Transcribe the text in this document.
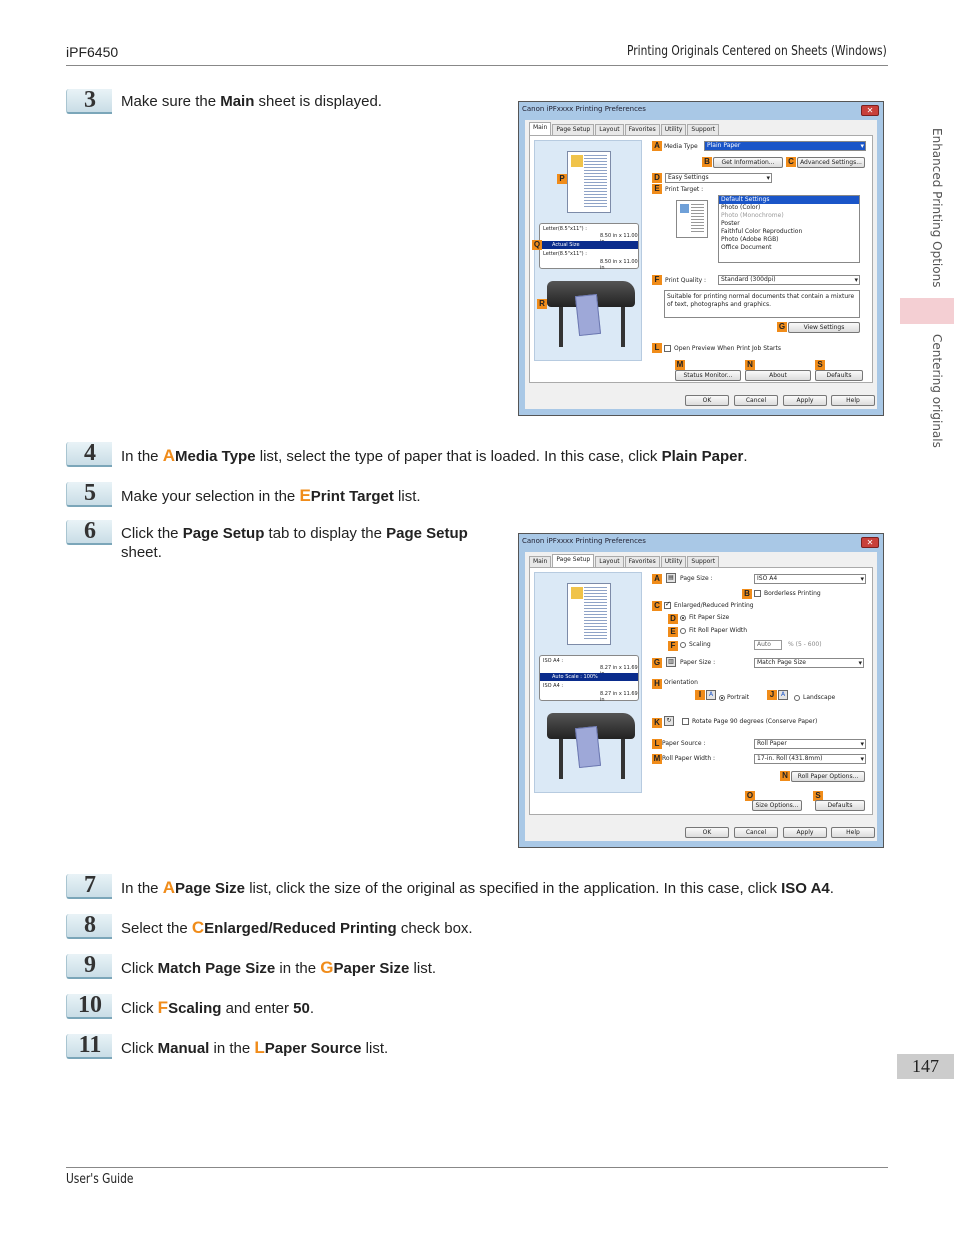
iPF6450	Printing Originals Centered on Sheets (Windows)
User's Guide
Enhanced Printing Options
Centering originals
147
3	Make sure the Main sheet is displayed.	Canon iPFxxxx Printing Preferences	✕
Main	Page Setup	Layout	Favorites	Utility	Support
Letter(8.5"x11") :
8.50 in x 11.00
Actual Size
Letter(8.5"x11") :
8.50 in x 11.00 in
P
Q
R
A Media Type	Plain Paper ▾
B	Get Information...	C	Advanced Settings...
D	Easy Settings ▾
E Print Target :
Default Settings
Photo (Color)
Photo (Monochrome)
Poster
Faithful Color Reproduction
Photo (Adobe RGB)
Office Document
F Print Quality :	Standard (300dpi) ▾
Suitable for printing normal documents that contain a mixture of text, photographs and graphics.
G	View Settings
L	Open Preview When Print Job Starts
M
Status Monitor...
N
About
S
Defaults
OK	Cancel	Apply	Help
4	In the AMedia Type list, select the type of paper that is loaded. In this case, click Plain Paper.
5	Make your selection in the EPrint Target list.
6	Click the Page Setup tab to display the Page Setup
sheet.
Canon iPFxxxx Printing Preferences	✕
Main	Page Setup	Layout	Favorites	Utility	Support
ISO A4 :
8.27 in x 11.69
Auto Scale : 100%
ISO A4 :
8.27 in x 11.69 in
A	▤	Page Size :	ISO A4 ▾
B	Borderless Printing
C
✓	Enlarged/Reduced Printing
D	Fit Paper Size
E	Fit Roll Paper Width
F	Scaling	Auto	% (5 - 600)
G	▥	Paper Size :	Match Page Size ▾
H Orientation
I	A	Portrait	J	A	Landscape
K	↻	Rotate Page 90 degrees (Conserve Paper)
L Paper Source :	Roll Paper ▾
M Roll Paper Width :	17-in. Roll (431.8mm) ▾
N	Roll Paper Options...
O
Size Options...
S
Defaults
OK	Cancel	Apply	Help
7	In the APage Size list, click the size of the original as specified in the application. In this case, click ISO A4.
8	Select the CEnlarged/Reduced Printing check box.
9	Click Match Page Size in the GPaper Size list.
10	Click FScaling and enter 50.
11	Click Manual in the LPaper Source list.
